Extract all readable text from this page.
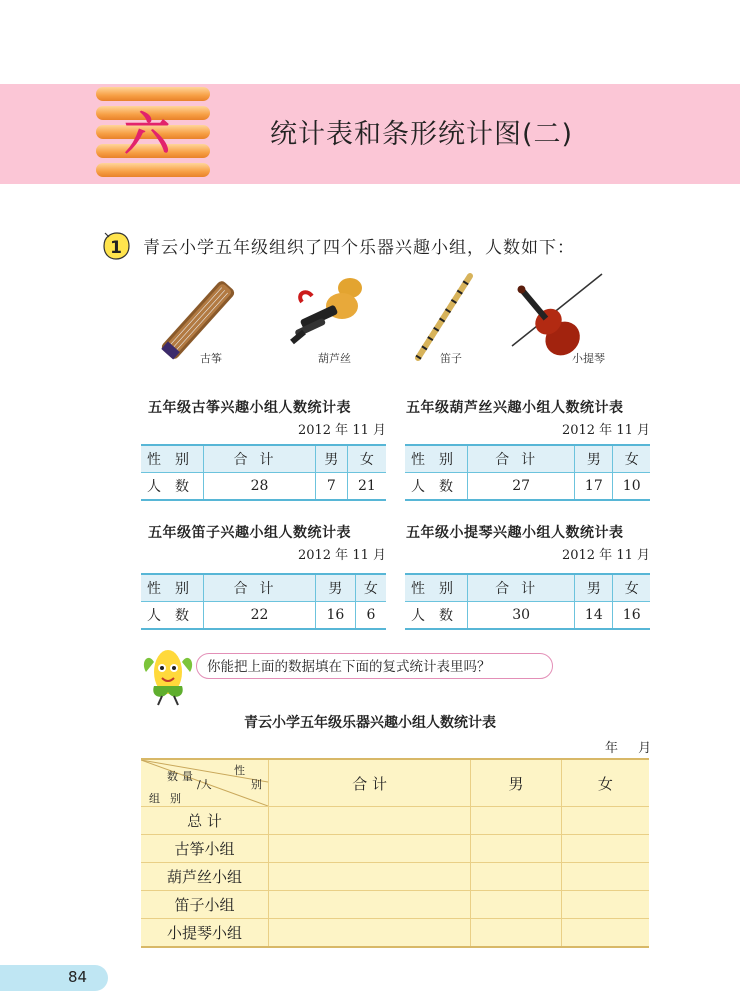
六	统计表和条形统计图(二)
1 青云小学五年级组织了四个乐器兴趣小组，人数如下：
古筝	葫芦丝	笛子	小提琴
五年级古筝兴趣小组人数统计表
2012 年 11 月
性别	合计	男	女
人数	28	7	21
五年级葫芦丝兴趣小组人数统计表
2012 年 11 月
性别	合计	男	女
人数	27	17	10
五年级笛子兴趣小组人数统计表
2012 年 11 月
性别	合计	男	女
人数	22	16	6
五年级小提琴兴趣小组人数统计表
2012 年 11 月
性别	合计	男	女
人数	30	14	16
你能把上面的数据填在下面的复式统计表里吗？
青云小学五年级乐器兴趣小组人数统计表
年 月
性
别
数量
/人
组别	合 计	男	女
总 计			
古筝小组			
葫芦丝小组			
笛子小组			
小提琴小组			
84
